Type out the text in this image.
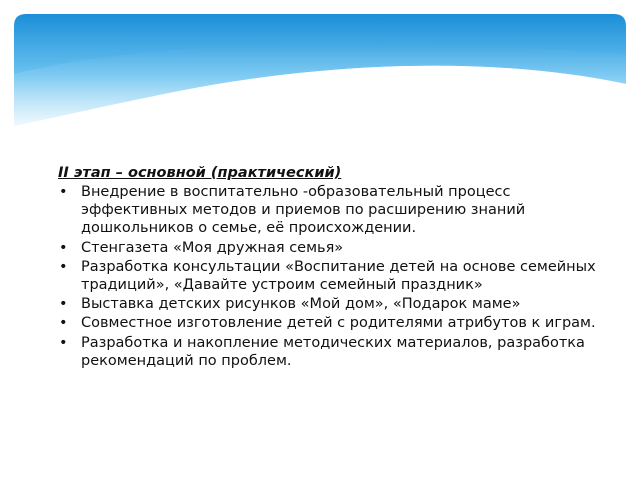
II этап – основной (практический)

• Внедрение в воспитательно -образовательный процесс эффективных методов и приемов по расширению знаний дошкольников о семье, её происхождении.
• Стенгазета «Моя дружная семья»
• Разработка консультации «Воспитание детей на основе семейных традиций», «Давайте устроим семейный праздник»
• Выставка детских рисунков «Мой дом», «Подарок маме»
• Совместное изготовление детей с родителями атрибутов к играм.
• Разработка и накопление методических материалов, разработка рекомендаций по проблем.
